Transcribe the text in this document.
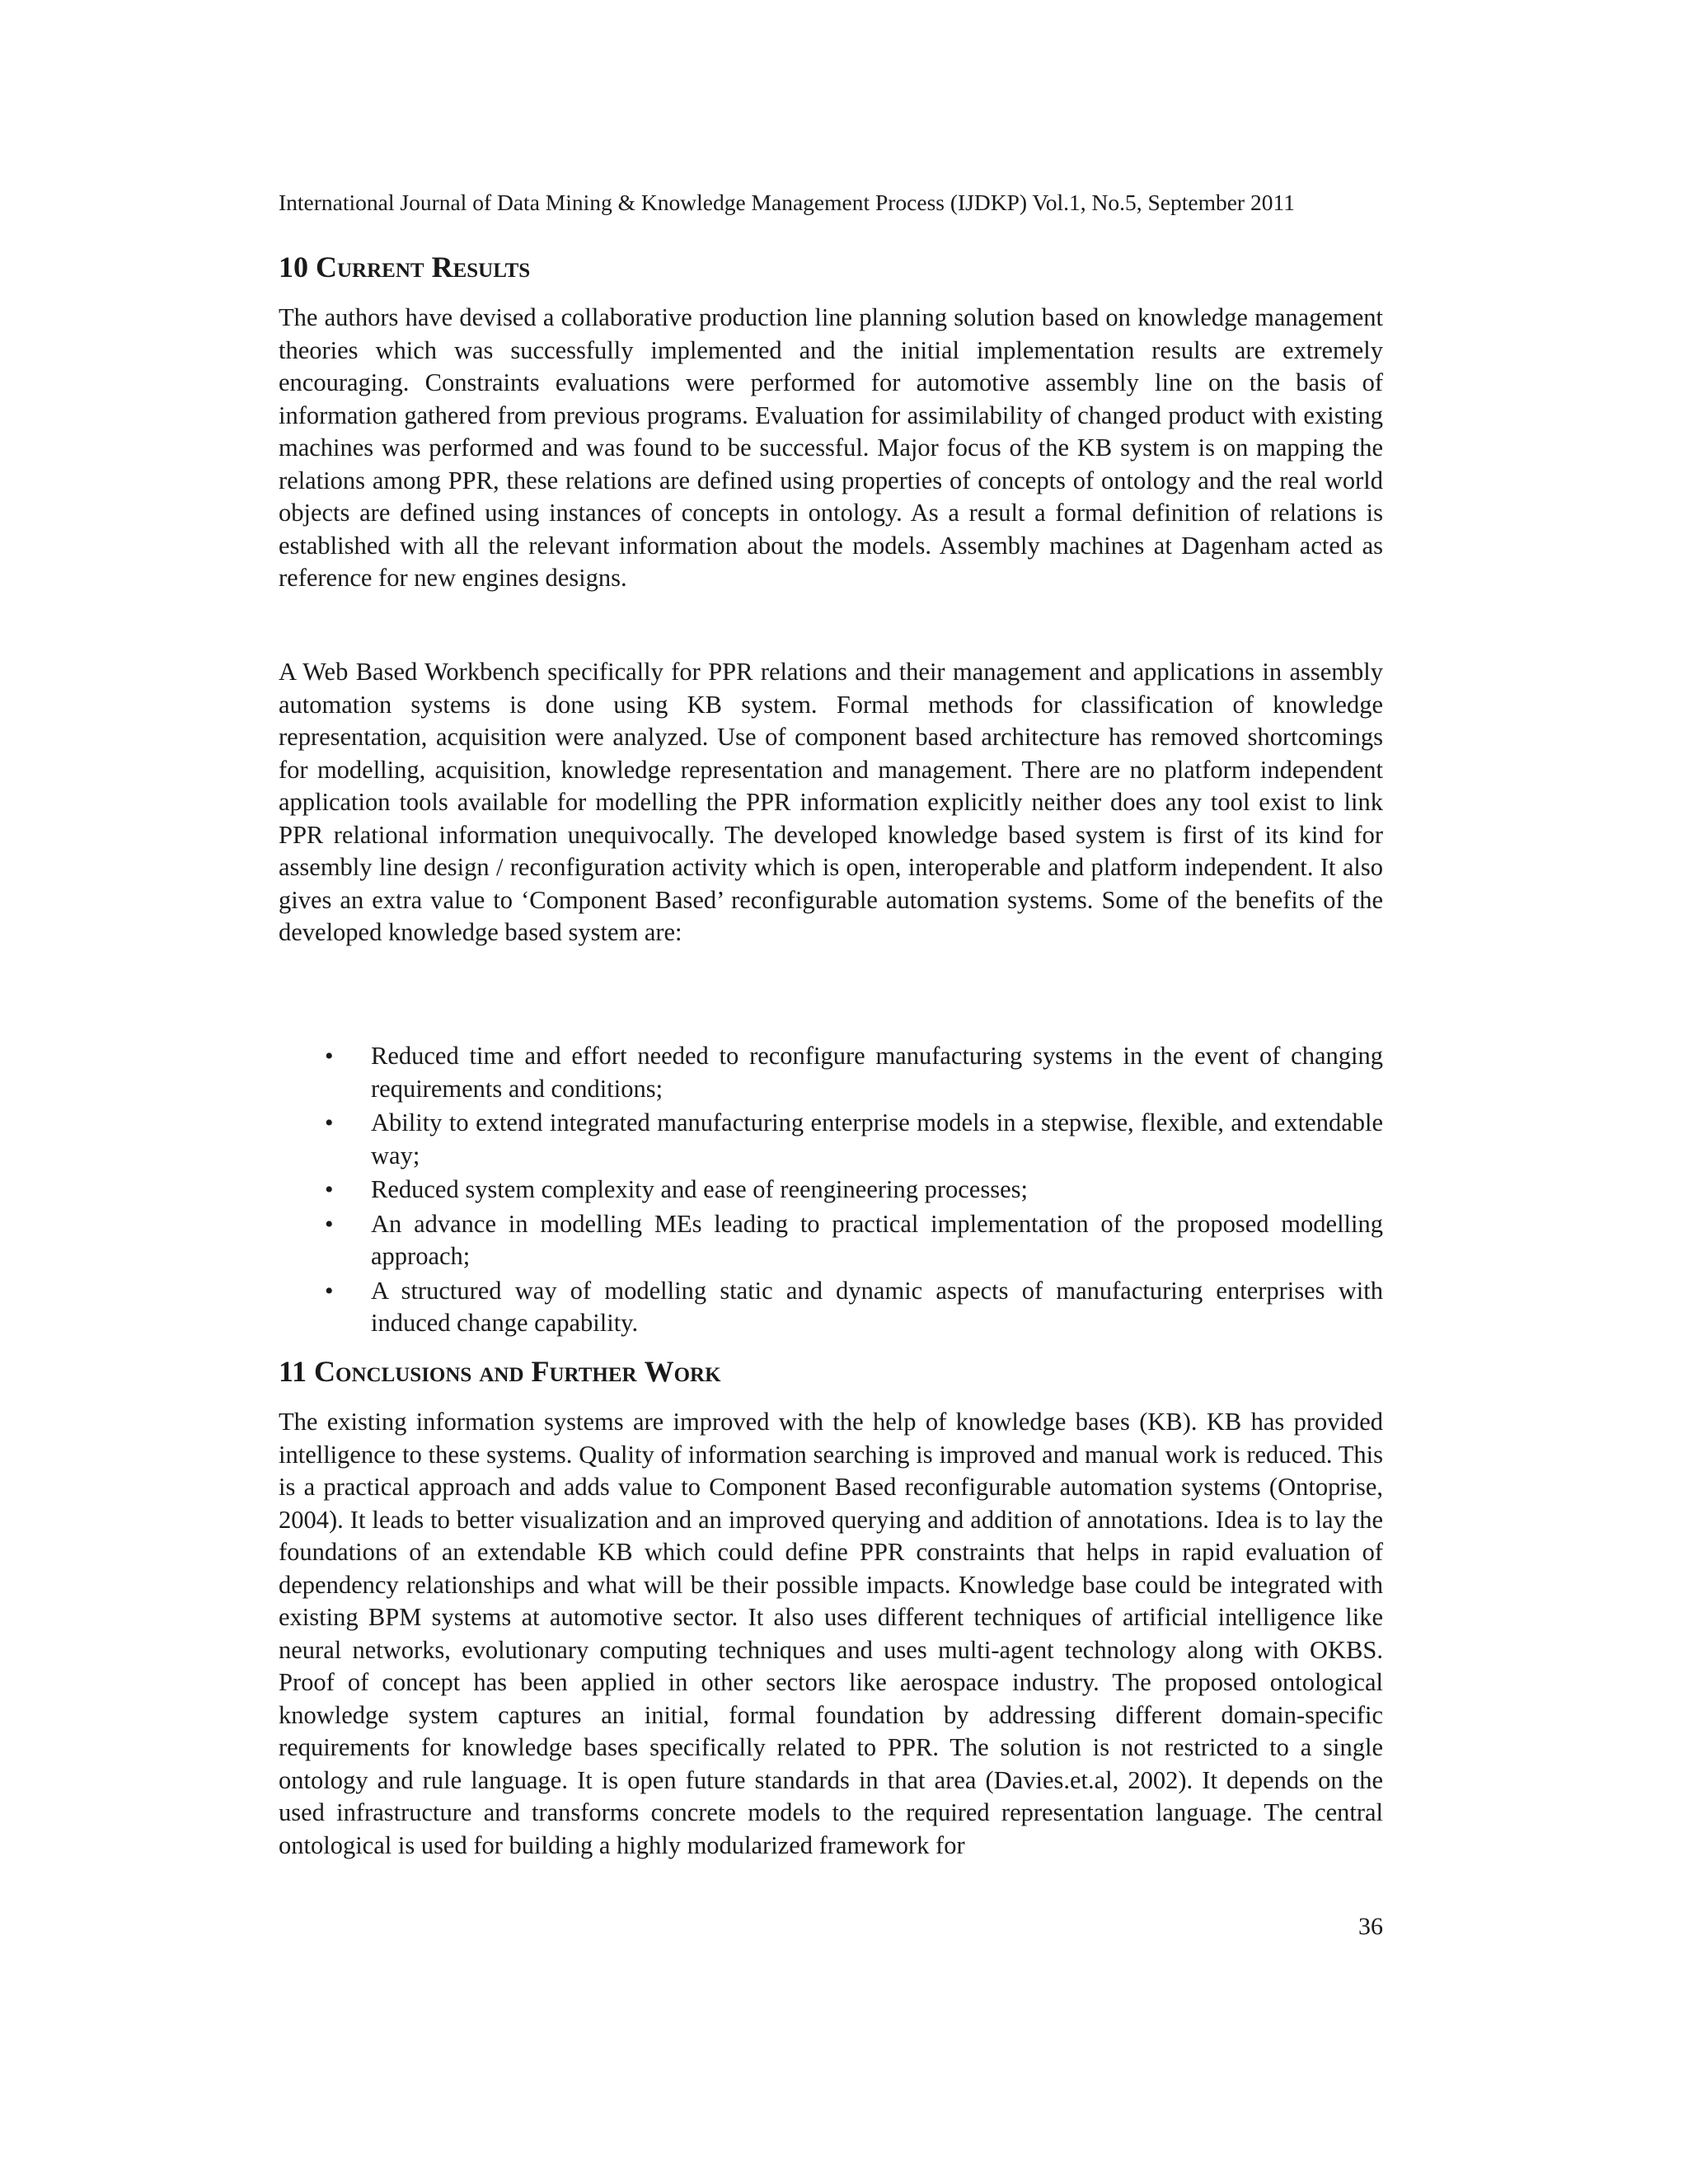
International Journal of Data Mining & Knowledge Management Process (IJDKP) Vol.1, No.5, September 2011
10 Current Results

The authors have devised a collaborative production line planning solution based on knowledge management theories which was successfully implemented and the initial implementation results are extremely encouraging. Constraints evaluations were performed for automotive assembly line on the basis of information gathered from previous programs. Evaluation for assimilability of changed product with existing machines was performed and was found to be successful. Major focus of the KB system is on mapping the relations among PPR, these relations are defined using properties of concepts of ontology and the real world objects are defined using instances of concepts in ontology. As a result a formal definition of relations is established with all the relevant information about the models. Assembly machines at Dagenham acted as reference for new engines designs.

A Web Based Workbench specifically for PPR relations and their management and applications in assembly automation systems is done using KB system. Formal methods for classification of knowledge representation, acquisition were analyzed. Use of component based architecture has removed shortcomings for modelling, acquisition, knowledge representation and management. There are no platform independent application tools available for modelling the PPR information explicitly neither does any tool exist to link PPR relational information unequivocally. The developed knowledge based system is first of its kind for assembly line design / reconfiguration activity which is open, interoperable and platform independent. It also gives an extra value to ‘Component Based’ reconfigurable automation systems. Some of the benefits of the developed knowledge based system are:

• Reduced time and effort needed to reconfigure manufacturing systems in the event of changing requirements and conditions;
• Ability to extend integrated manufacturing enterprise models in a stepwise, flexible, and extendable way;
• Reduced system complexity and ease of reengineering processes;
• An advance in modelling MEs leading to practical implementation of the proposed modelling approach;
• A structured way of modelling static and dynamic aspects of manufacturing enterprises with induced change capability.
11 Conclusions and Further Work

The existing information systems are improved with the help of knowledge bases (KB). KB has provided intelligence to these systems. Quality of information searching is improved and manual work is reduced. This is a practical approach and adds value to Component Based reconfigurable automation systems (Ontoprise, 2004). It leads to better visualization and an improved querying and addition of annotations. Idea is to lay the foundations of an extendable KB which could define PPR constraints that helps in rapid evaluation of dependency relationships and what will be their possible impacts. Knowledge base could be integrated with existing BPM systems at automotive sector. It also uses different techniques of artificial intelligence like neural networks, evolutionary computing techniques and uses multi-agent technology along with OKBS. Proof of concept has been applied in other sectors like aerospace industry. The proposed ontological knowledge system captures an initial, formal foundation by addressing different domain-specific requirements for knowledge bases specifically related to PPR. The solution is not restricted to a single ontology and rule language. It is open future standards in that area (Davies.et.al, 2002). It depends on the used infrastructure and transforms concrete models to the required representation language. The central ontological is used for building a highly modularized framework for

36
